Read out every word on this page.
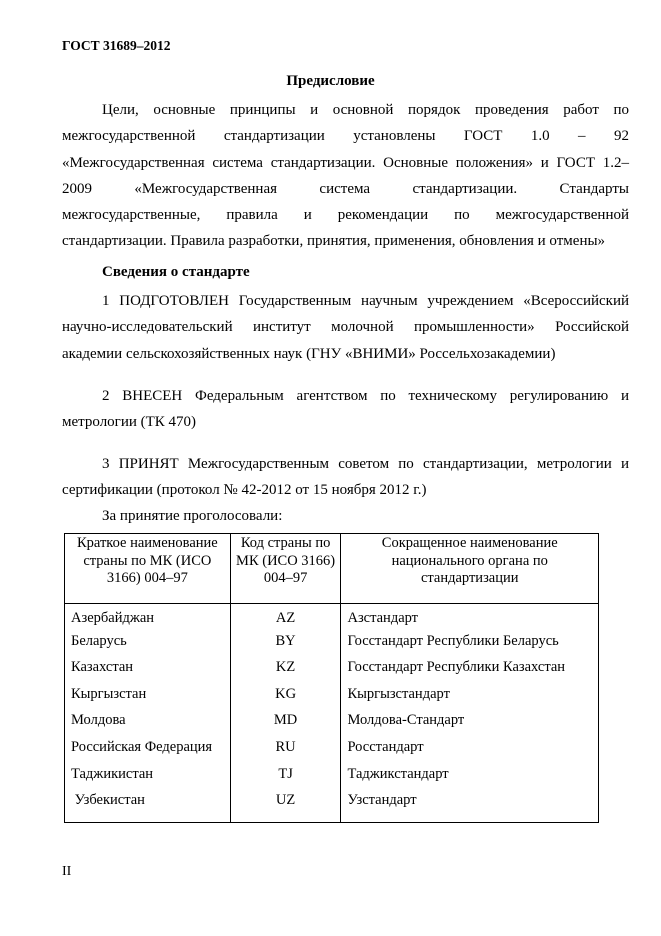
ГОСТ 31689–2012
Предисловие
Цели, основные принципы и основной порядок проведения работ по
межгосударственной стандартизации установлены ГОСТ 1.0 – 92
«Межгосударственная система стандартизации. Основные положения» и ГОСТ 1.2–
2009 «Межгосударственная система стандартизации. Стандарты
межгосударственные, правила и рекомендации по межгосударственной
стандартизации. Правила разработки, принятия, применения, обновления и отмены»
Сведения о стандарте
1 ПОДГОТОВЛЕН Государственным научным учреждением «Всероссийский
научно-исследовательский институт молочной промышленности» Российской
академии сельскохозяйственных наук (ГНУ «ВНИМИ» Россельхозакадемии)
2 ВНЕСЕН Федеральным агентством по техническому регулированию и
метрологии (ТК 470)
3 ПРИНЯТ Межгосударственным советом по стандартизации, метрологии и
сертификации (протокол № 42-2012 от 15 ноября 2012 г.)
За принятие проголосовали:
Краткое наименование страны по МК (ИСО 3166) 004–97	Код страны по МК (ИСО 3166) 004–97	Сокращенное наименование национального органа по стандартизации
Азербайджан	AZ	Азстандарт
Беларусь	BY	Госстандарт Республики Беларусь
Казахстан	KZ	Госстандарт Республики Казахстан
Кыргызстан	KG	Кыргызстандарт
Молдова	MD	Молдова-Стандарт
Российская Федерация	RU	Росстандарт
Таджикистан	TJ	Таджикстандарт
Узбекистан	UZ	Узстандарт
II
